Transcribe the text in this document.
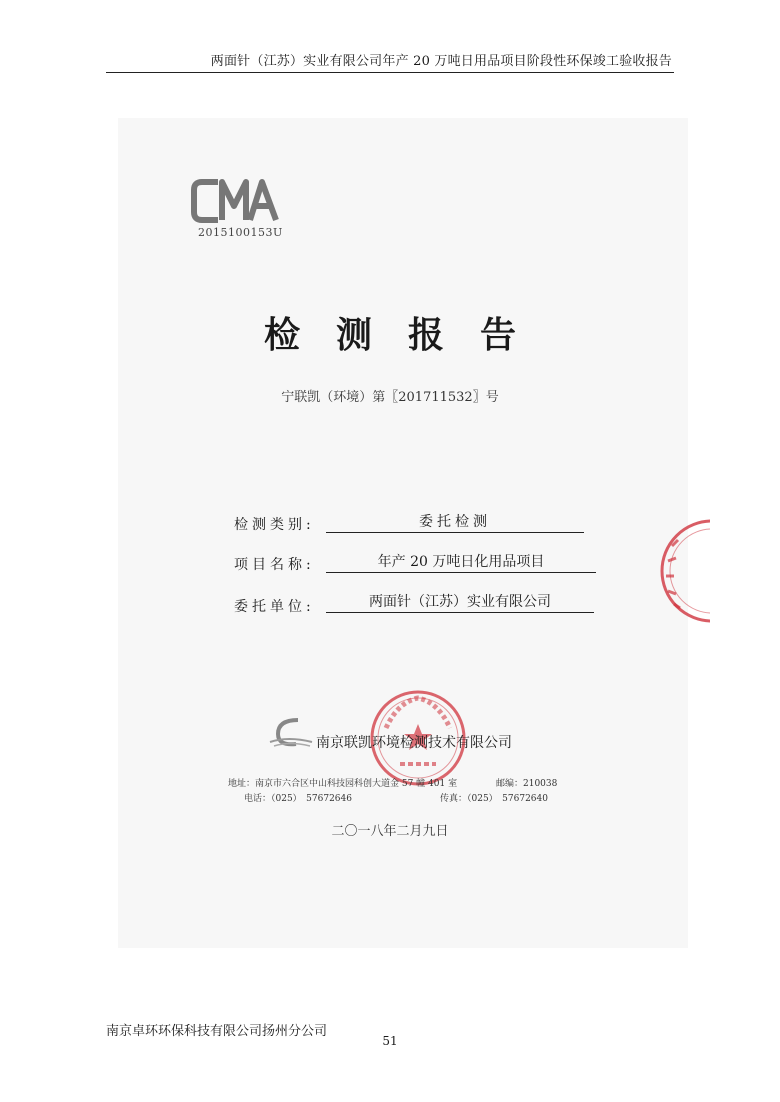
两面针（江苏）实业有限公司年产 20 万吨日用品项目阶段性环保竣工验收报告
2015100153U
检测报告
宁联凯（环境）第〖201711532〗号
检测类别:	委托检测
项目名称:	年产 20 万吨日化用品项目
委托单位:	两面针（江苏）实业有限公司
南京联凯环境检测技术有限公司
地址：南京市六合区中山科技园科创大道金 57 幢 401 室	邮编：210038
电话：（025）　57672646	传真：（025）　57672640
二〇一八年二月九日
南京卓环环保科技有限公司扬州分公司
51
